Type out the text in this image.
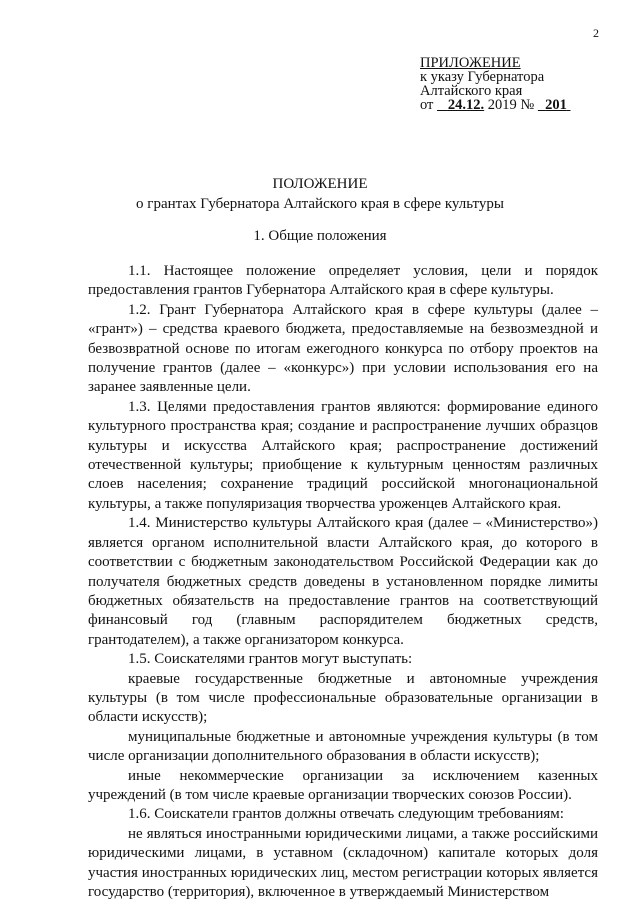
2
ПРИЛОЖЕНИЕ
к указу Губернатора
Алтайского края
от 24.12. 2019 № 201
ПОЛОЖЕНИЕ
о грантах Губернатора Алтайского края в сфере культуры
1. Общие положения

1.1. Настоящее положение определяет условия, цели и порядок предоставления грантов Губернатора Алтайского края в сфере культуры.

1.2. Грант Губернатора Алтайского края в сфере культуры (далее – «грант») – средства краевого бюджета, предоставляемые на безвозмездной и безвозвратной основе по итогам ежегодного конкурса по отбору проектов на получение грантов (далее – «конкурс») при условии использования его на заранее заявленные цели.

1.3. Целями предоставления грантов являются: формирование единого культурного пространства края; создание и распространение лучших образцов культуры и искусства Алтайского края; распространение достижений отечественной культуры; приобщение к культурным ценностям различных слоев населения; сохранение традиций российской многонациональной культуры, а также популяризация творчества уроженцев Алтайского края.

1.4. Министерство культуры Алтайского края (далее – «Министерство») является органом исполнительной власти Алтайского края, до которого в соответствии с бюджетным законодательством Российской Федерации как до получателя бюджетных средств доведены в установленном порядке лимиты бюджетных обязательств на предоставление грантов на соответствующий финансовый год (главным распорядителем бюджетных средств, грантодателем), а также организатором конкурса.

1.5. Соискателями грантов могут выступать:

краевые государственные бюджетные и автономные учреждения культуры (в том числе профессиональные образовательные организации в области искусств);

муниципальные бюджетные и автономные учреждения культуры (в том числе организации дополнительного образования в области искусств);

иные некоммерческие организации за исключением казенных учреждений (в том числе краевые организации творческих союзов России).

1.6. Соискатели грантов должны отвечать следующим требованиям:

не являться иностранными юридическими лицами, а также российскими юридическими лицами, в уставном (складочном) капитале которых доля участия иностранных юридических лиц, местом регистрации которых является государство (территория), включенное в утверждаемый Министерством
